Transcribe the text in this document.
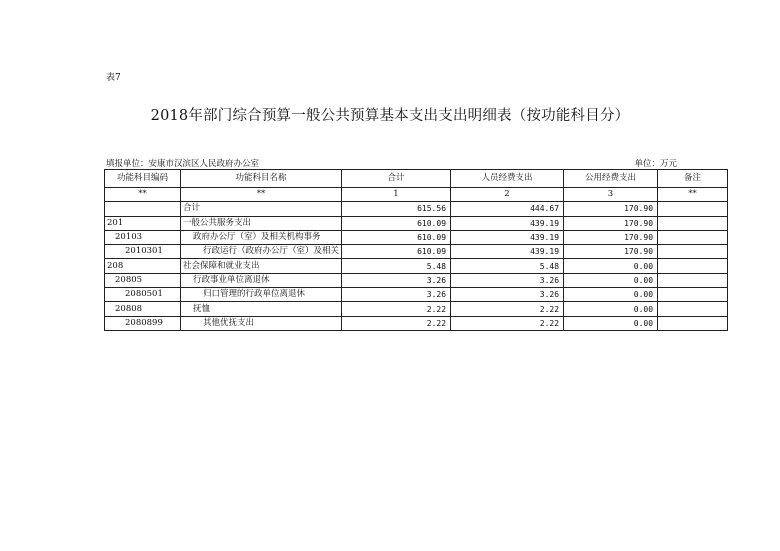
表7
2018年部门综合预算一般公共预算基本支出支出明细表（按功能科目分）
填报单位：安康市汉滨区人民政府办公室	单位：万元
功能科目编码	功能科目名称	合计	人员经费支出	公用经费支出	备注
**	**	1	2	3	**
	合计	615.56	444.67	170.90	
201	一般公共服务支出	610.09	439.19	170.90	
20103	政府办公厅（室）及相关机构事务	610.09	439.19	170.90	
2010301	行政运行（政府办公厅（室）及相关	610.09	439.19	170.90	
208	社会保障和就业支出	5.48	5.48	0.00	
20805	行政事业单位离退休	3.26	3.26	0.00	
2080501	归口管理的行政单位离退休	3.26	3.26	0.00	
20808	抚恤	2.22	2.22	0.00	
2080899	其他优抚支出	2.22	2.22	0.00	
